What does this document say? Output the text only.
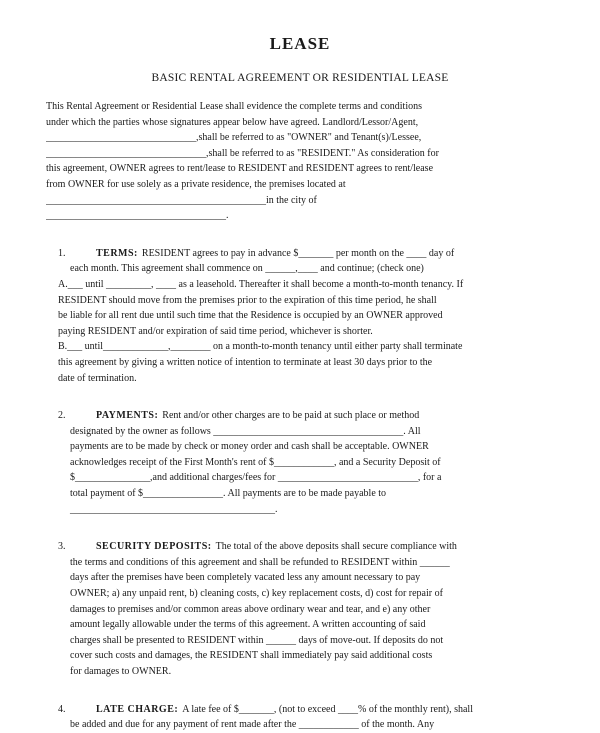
LEASE
BASIC RENTAL AGREEMENT OR RESIDENTIAL LEASE
This Rental Agreement or Residential Lease shall evidence the complete terms and conditions
under which the parties whose signatures appear below have agreed. Landlord/Lessor/Agent,
______________________________,shall be referred to as "OWNER" and Tenant(s)/Lessee,
________________________________,shall be referred to as "RESIDENT." As consideration for
this agreement, OWNER agrees to rent/lease to RESIDENT and RESIDENT agrees to rent/lease
from OWNER for use solely as a private residence, the premises located at
____________________________________________in the city of
____________________________________.
1.	TERMS: RESIDENT agrees to pay in advance $_______ per month on the ____ day of
each month. This agreement shall commence on ______,____ and continue; (check one)
A.___ until _________, ____ as a leasehold. Thereafter it shall become a month-to-month tenancy. If
RESIDENT should move from the premises prior to the expiration of this time period, he shall
be liable for all rent due until such time that the Residence is occupied by an OWNER approved
paying RESIDENT and/or expiration of said time period, whichever is shorter.
B.___ until_____________,________ on a month-to-month tenancy until either party shall terminate
this agreement by giving a written notice of intention to terminate at least 30 days prior to the
date of termination.
2.	PAYMENTS: Rent and/or other charges are to be paid at such place or method
designated by the owner as follows ______________________________________. All
payments are to be made by check or money order and cash shall be acceptable. OWNER
acknowledges receipt of the First Month's rent of $____________, and a Security Deposit of
$_______________,and additional charges/fees for ____________________________, for a
total payment of $________________. All payments are to be made payable to
_________________________________________.
3.	SECURITY DEPOSITS: The total of the above deposits shall secure compliance with
the terms and conditions of this agreement and shall be refunded to RESIDENT within ______
days after the premises have been completely vacated less any amount necessary to pay
OWNER; a) any unpaid rent, b) cleaning costs, c) key replacement costs, d) cost for repair of
damages to premises and/or common areas above ordinary wear and tear, and e) any other
amount legally allowable under the terms of this agreement. A written accounting of said
charges shall be presented to RESIDENT within ______ days of move-out. If deposits do not
cover such costs and damages, the RESIDENT shall immediately pay said additional costs
for damages to OWNER.
4.	LATE CHARGE: A late fee of $_______, (not to exceed ____% of the monthly rent), shall
be added and due for any payment of rent made after the ____________ of the month. Any
